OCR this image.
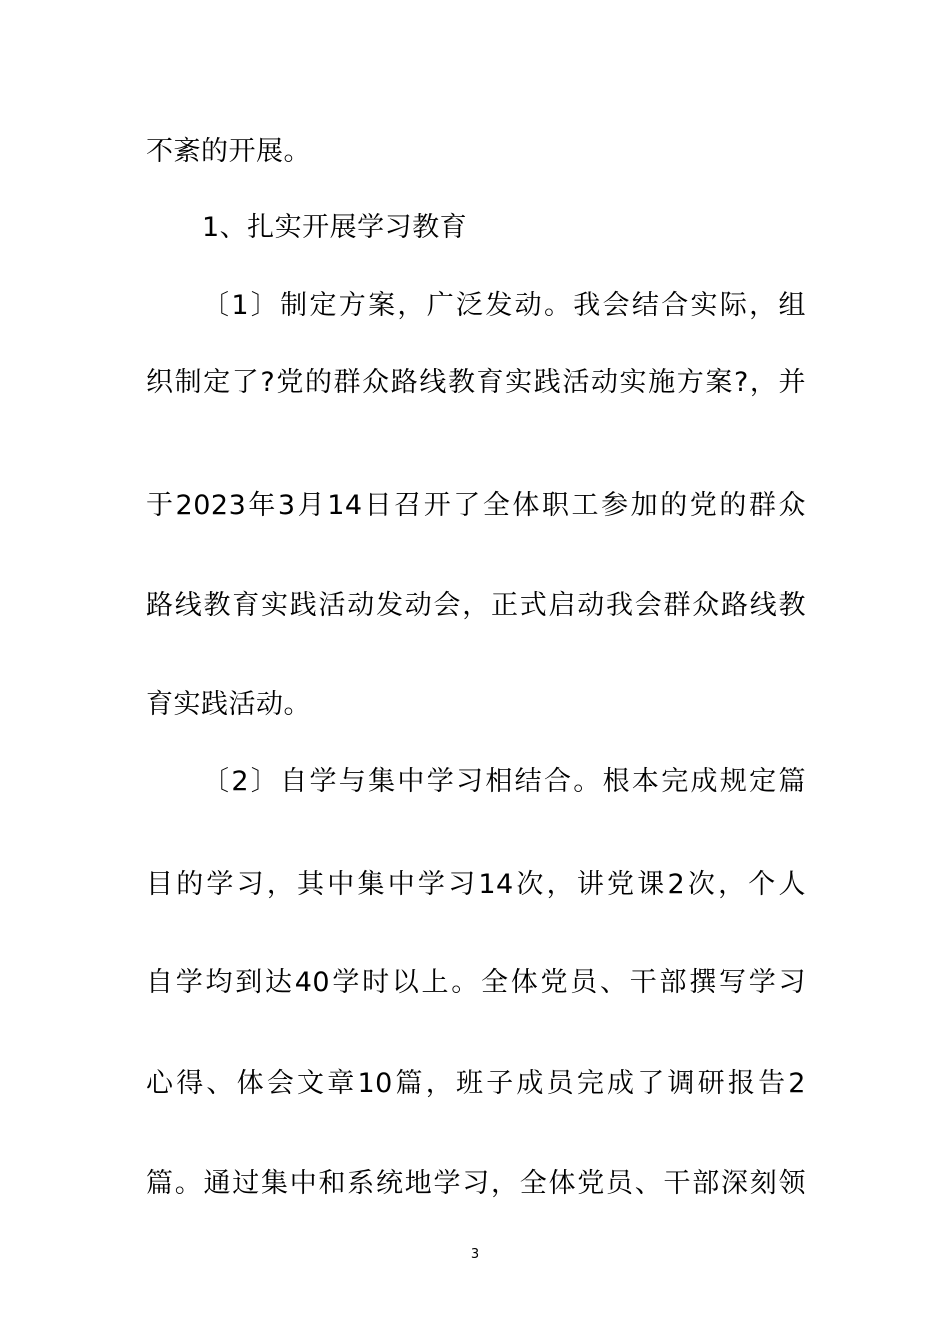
不紊的开展。
1、扎实开展学习教育
〔1〕制定方案，广泛发动。我会结合实际，组
织制定了?党的群众路线教育实践活动实施方案?，并
于2023年3月14日召开了全体职工参加的党的群众
路线教育实践活动发动会，正式启动我会群众路线教
育实践活动。
〔2〕自学与集中学习相结合。根本完成规定篇
目的学习，其中集中学习14次，讲党课2次，个人
自学均到达40学时以上。全体党员、干部撰写学习
心得、体会文章10篇，班子成员完成了调研报告2
篇。通过集中和系统地学习，全体党员、干部深刻领
3
